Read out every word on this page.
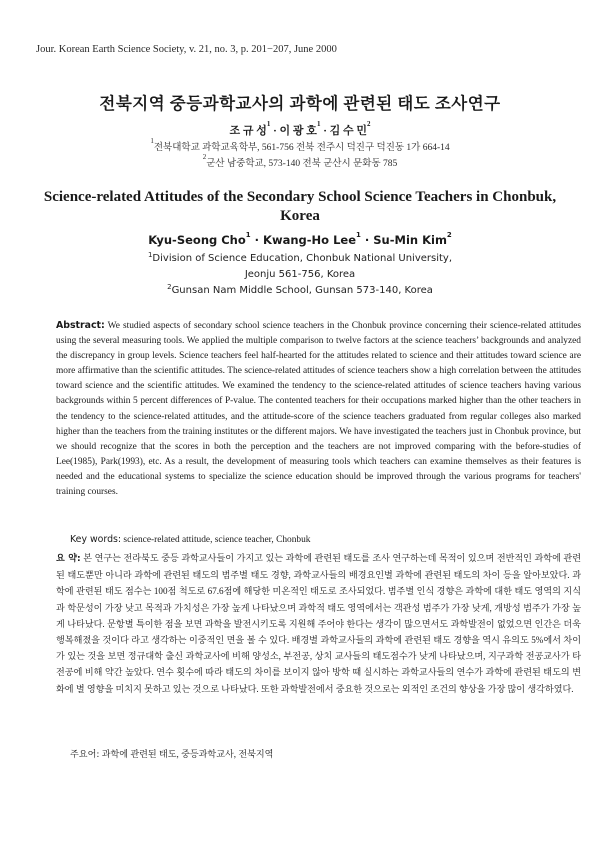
Jour. Korean Earth Science Society, v. 21, no. 3, p. 201−207, June 2000
전북지역 중등과학교사의 과학에 관련된 태도 조사연구
조 규 성$^1$ · 이 광 호$^1$ · 김 수 민$^2$
$^1$전북대학교 과학교육학부, 561-756 전북 전주시 덕진구 덕진동 1가 664-14
$^2$군산 남중학교, 573-140 전북 군산시 문화동 785
Science-related Attitudes of the Secondary School Science Teachers in Chonbuk, Korea
Kyu-Seong Cho$^1$ · Kwang-Ho Lee$^1$ · Su-Min Kim$^2$
$^1$Division of Science Education, Chonbuk National University,
Jeonju 561-756, Korea
$^2$Gunsan Nam Middle School, Gunsan 573-140, Korea

Abstract: We studied aspects of secondary school science teachers in the Chonbuk province concerning their science-related attitudes using the several measuring tools. We applied the multiple comparison to twelve factors at the science teachers’ backgrounds and analyzed the discrepancy in group levels. Science teachers feel half-hearted for the attitudes related to science and their attitudes toward science are more affirmative than the scientific attitudes. The science-related attitudes of science teachers show a high correlation between the attitudes toward science and the scientific attitudes. We examined the tendency to the science-related attitudes of science teachers having various backgrounds within 5 percent differences of P-value. The contented teachers for their occupations marked higher than the other teachers in the tendency to the science-related attitudes, and the attitude-score of the science teachers graduated from regular colleges also marked higher than the teachers from the training institutes or the different majors. We have investigated the teachers just in Chonbuk province, but we should recognize that the scores in both the perception and the teachers are not improved comparing with the before-studies of Lee(1985), Park(1993), etc. As a result, the development of measuring tools which teachers can examine themselves as their features is needed and the educational systems to specialize the science education should be improved through the various programs for teachers' training courses.

Key words: science-related attitude, science teacher, Chonbuk

요 약: 본 연구는 전라북도 중등 과학교사들이 가지고 있는 과학에 관련된 태도를 조사 연구하는데 목적이 있으며 전반적인 과학에 관련된 태도뿐만 아니라 과학에 관련된 태도의 범주별 태도 경향, 과학교사들의 배경요인별 과학에 관련된 태도의 차이 등을 알아보았다. 과학에 관련된 태도 점수는 100점 척도로 67.6점에 해당한 미온적인 태도로 조사되었다. 범주별 인식 경향은 과학에 대한 태도 영역의 지식과 학문성이 가장 낮고 목적과 가치성은 가장 높게 나타났으며 과학적 태도 영역에서는 객관성 범주가 가장 낮게, 개방성 범주가 가장 높게 나타났다. 문항별 특이한 점을 보면 과학을 발전시키도록 지원해 주어야 한다는 생각이 많으면서도 과학발전이 없었으면 인간은 더욱 행복해졌을 것이다 라고 생각하는 이중적인 면을 볼 수 있다. 배경별 과학교사들의 과학에 관련된 태도 경향을 역시 유의도 5%에서 차이가 있는 것을 보면 정규대학 출신 과학교사에 비해 양성소, 부전공, 상치 교사들의 태도점수가 낮게 나타났으며, 지구과학 전공교사가 타 전공에 비해 약간 높았다. 연수 횟수에 따라 태도의 차이를 보이지 않아 방학 때 실시하는 과학교사들의 연수가 과학에 관련된 태도의 변화에 별 영향을 미치지 못하고 있는 것으로 나타났다. 또한 과학발전에서 중요한 것으로는 외적인 조건의 향상을 가장 많이 생각하였다.

주요어: 과학에 관련된 태도, 중등과학교사, 전북지역
